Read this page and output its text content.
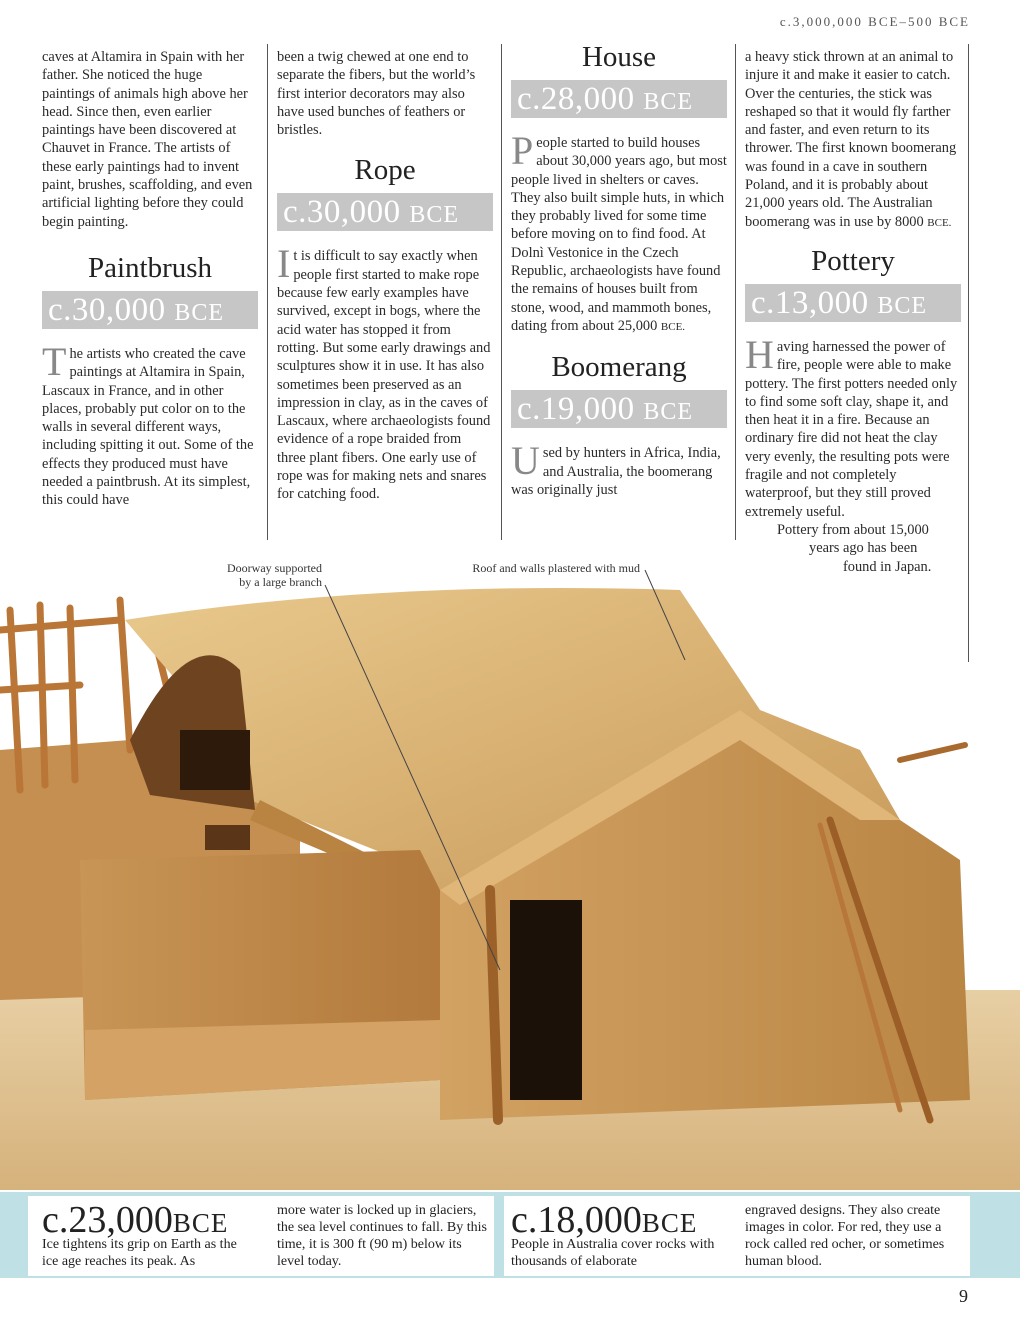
c.3,000,000 BCE–500 BCE

caves at Altamira in Spain with her father. She noticed the huge paintings of animals high above her head. Since then, even earlier paintings have been discovered at Chauvet in France. The artists of these early paintings had to invent paint, brushes, scaffolding, and even artificial lighting before they could begin painting.

Paintbrush
c.30,000 BCE

The artists who created the cave paintings at Altamira in Spain, Lascaux in France, and in other places, probably put color on to the walls in several different ways, including spitting it out. Some of the effects they produced must have needed a paintbrush. At its simplest, this could have

been a twig chewed at one end to separate the fibers, but the world’s first interior decorators may also have used bunches of feathers or bristles.

Rope
c.30,000 BCE

It is difficult to say exactly when people first started to make rope because few early examples have survived, except in bogs, where the acid water has stopped it from rotting. But some early drawings and sculptures show it in use. It has also sometimes been preserved as an impression in clay, as in the caves of Lascaux, where archaeologists found evidence of a rope braided from three plant fibers. One early use of rope was for making nets and snares for catching food.

House
c.28,000 BCE

People started to build houses about 30,000 years ago, but most people lived in shelters or caves. They also built simple huts, in which they probably lived for some time before moving on to find food. At Dolnì Vestonice in the Czech Republic, archaeologists have found the remains of houses built from stone, wood, and mammoth bones, dating from about 25,000 BCE.

Boomerang
c.19,000 BCE

Used by hunters in Africa, India, and Australia, the boomerang was originally just

a heavy stick thrown at an animal to injure it and make it easier to catch. Over the centuries, the stick was reshaped so that it would fly farther and faster, and even return to its thrower. The first known boomerang was found in a cave in southern Poland, and it is probably about 21,000 years old. The Australian boomerang was in use by 8000 BCE.

Pottery
c.13,000 BCE

Having harnessed the power of fire, people were able to make pottery. The first potters needed only to find some soft clay, shape it, and then heat it in a fire. Because an ordinary fire did not heat the clay very evenly, the resulting pots were fragile and not completely waterproof, but they still proved extremely useful.

Pottery from about 15,000
years ago has been
found in Japan.
Doorway supported
by a large branch
Roof and walls plastered with mud
c.23,000BCE
Ice tightens its grip on Earth as the ice age reaches its peak. As
more water is locked up in glaciers, the sea level continues to fall. By this time, it is 300 ft (90 m) below its level today.
c.18,000BCE
People in Australia cover rocks with thousands of elaborate
engraved designs. They also create images in color. For red, they use a rock called red ocher, or sometimes human blood.
9
